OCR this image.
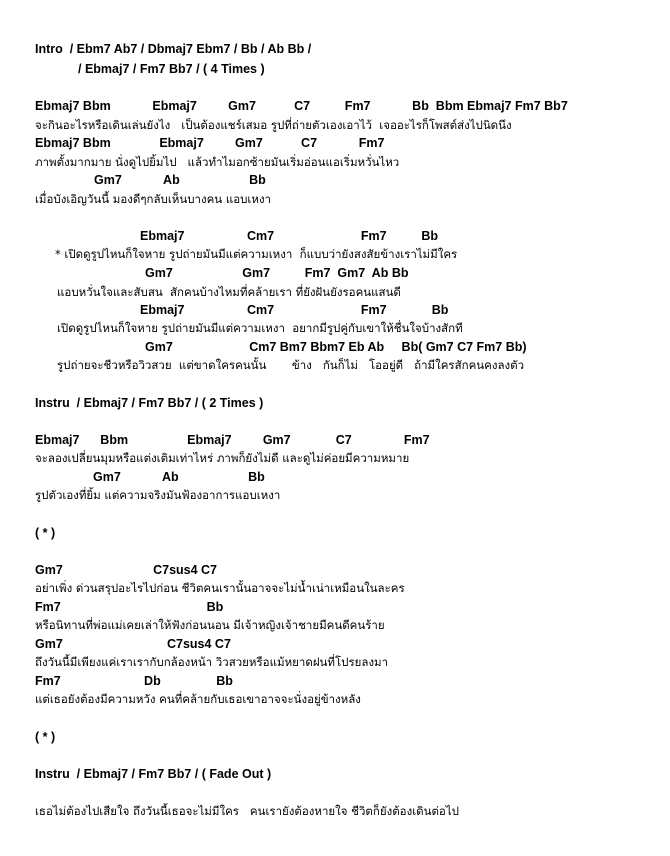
Intro  / Ebm7 Ab7 / Dbmaj7 Ebm7 / Bb / Ab Bb /
/ Ebmaj7 / Fm7 Bb7 / ( 4 Times )
Ebmaj7 Bbm            Ebmaj7         Gm7           C7          Fm7            Bb  Bbm Ebmaj7 Fm7 Bb7
จะกินอะไรหรือเดินเล่นยังไง   เป็นต้องแชร์เสมอ รูปที่ถ่ายตัวเองเอาไว้  เจออะไรก็โพสต์ส่งไปนิดนึง
Ebmaj7 Bbm              Ebmaj7         Gm7           C7            Fm7
ภาพตั้งมากมาย นั่งดูไปยิ้มไป   แล้วทำไมอกซ้ายมันเริ่มอ่อนแอเริ่มหวั่นไหว
Gm7            Ab                    Bb
เมื่อบังเอิญวันนี้ มองดีๆกลับเห็นบางคน แอบเหงา
Ebmaj7                  Cm7                         Fm7          Bb
* เปิดดูรูปไหนก็ใจหาย รูปถ่ายมันมีแต่ความเหงา  ก็แบบว่ายังสงสัยข้างเราไม่มีใคร
Gm7                    Gm7          Fm7  Gm7  Ab Bb
แอบหวั่นใจและสับสน  สักคนบ้างไหมที่คล้ายเรา ที่ยังฝันยังรอคนแสนดี
Ebmaj7                  Cm7                         Fm7             Bb
เปิดดูรูปไหนก็ใจหาย รูปถ่ายมันมีแต่ความเหงา  อยากมีรูปคู่กับเขาให้ชื่นใจบ้างสักที
Gm7                      Cm7 Bm7 Bbm7 Eb Ab     Bb( Gm7 C7 Fm7 Bb)
รูปถ่ายจะชีวหรือวิวสวย  แต่ขาดใครคนนั้น       ข้าง   กันก็ไม่   โออยู่ดี   ถ้ามีใครสักคนคงลงตัว
Instru  / Ebmaj7 / Fm7 Bb7 / ( 2 Times )
Ebmaj7      Bbm                 Ebmaj7         Gm7             C7               Fm7
จะลองเปลี่ยนมุมหรือแต่งเติมเท่าไหร่ ภาพก็ยังไม่ดี และดูไม่ค่อยมีความหมาย
Gm7            Ab                    Bb
รูปตัวเองที่ยิ้ม แต่ความจริงมันฟ้องอาการแอบเหงา
( * )
Gm7                          C7sus4 C7
อย่าเพิ่ง ด่วนสรุปอะไรไปก่อน ชีวิตคนเรานั้นอาจจะไม่น้ำเน่าเหมือนในละคร
Fm7                                          Bb
หรือนิทานที่พ่อแม่เคยเล่าให้ฟังก่อนนอน มีเจ้าหญิงเจ้าชายมีคนดีคนร้าย
Gm7                              C7sus4 C7
ถึงวันนี้มีเพียงแค่เราเรากับกล้องหน้า วิวสวยหรือแม้หยาดฝนที่โปรยลงมา
Fm7                        Db                Bb
แต่เธอยังต้องมีความหวัง คนที่คล้ายกับเธอเขาอาจจะนั่งอยู่ข้างหลัง
( * )
Instru  / Ebmaj7 / Fm7 Bb7 / ( Fade Out )
เธอไม่ต้องไปเสียใจ ถึงวันนี้เธอจะไม่มีใคร   คนเรายังต้องหายใจ ชีวิตก็ยังต้องเดินต่อไป
